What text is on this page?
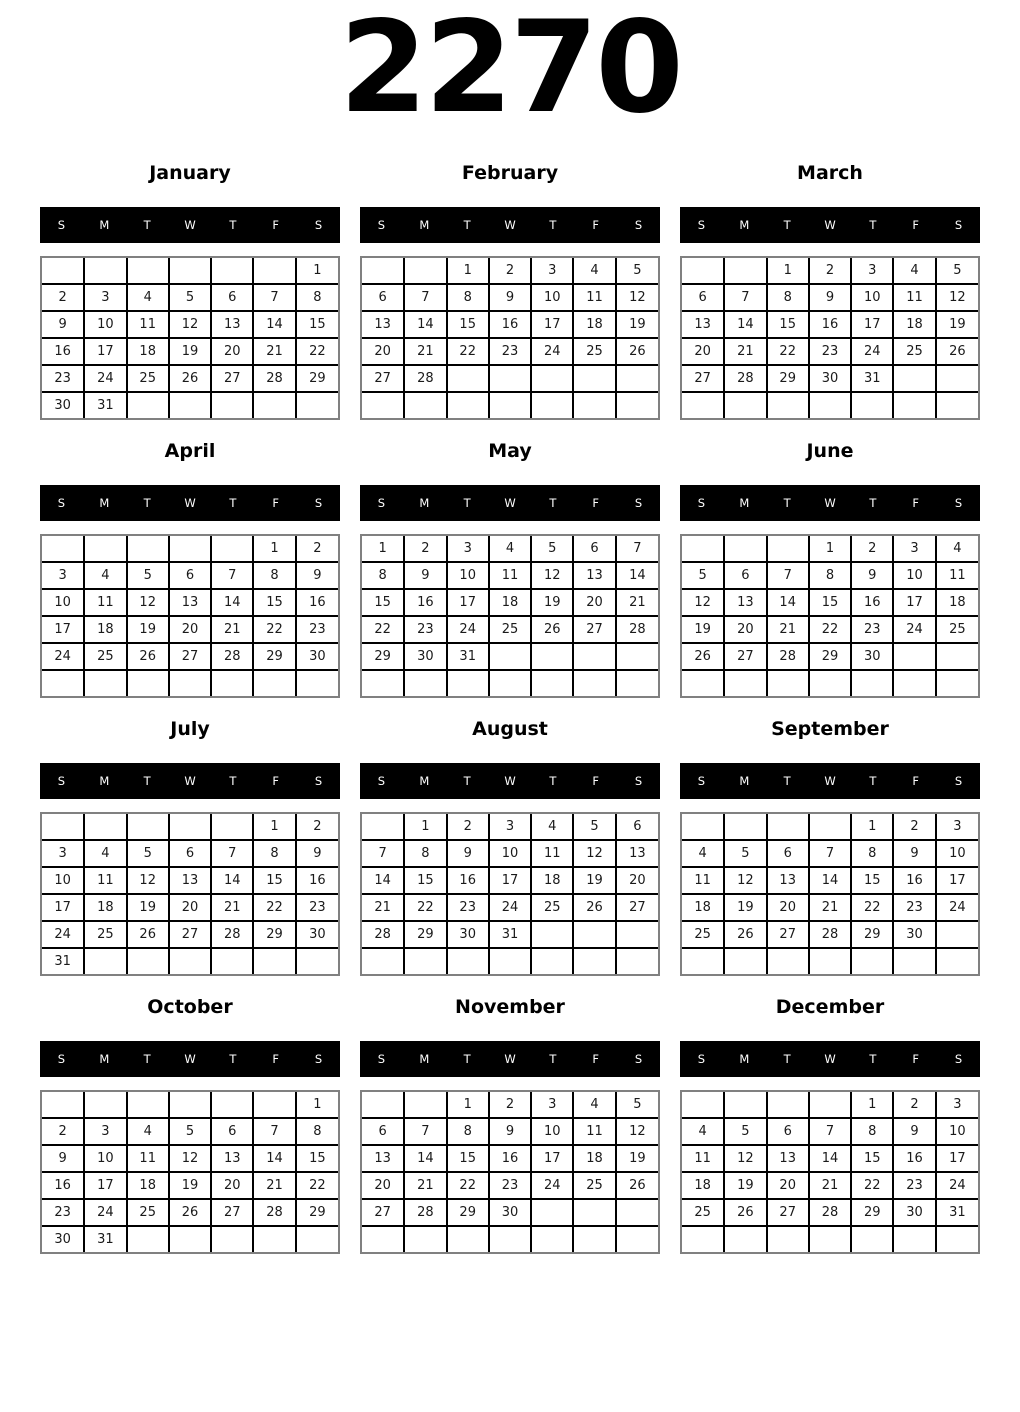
2270
January
S	M	T	W	T	F	S
						1
2	3	4	5	6	7	8
9	10	11	12	13	14	15
16	17	18	19	20	21	22
23	24	25	26	27	28	29
30	31					
February
S	M	T	W	T	F	S
		1	2	3	4	5
6	7	8	9	10	11	12
13	14	15	16	17	18	19
20	21	22	23	24	25	26
27	28					

March
S	M	T	W	T	F	S
		1	2	3	4	5
6	7	8	9	10	11	12
13	14	15	16	17	18	19
20	21	22	23	24	25	26
27	28	29	30	31		

April
S	M	T	W	T	F	S
					1	2
3	4	5	6	7	8	9
10	11	12	13	14	15	16
17	18	19	20	21	22	23
24	25	26	27	28	29	30

May
S	M	T	W	T	F	S
1	2	3	4	5	6	7
8	9	10	11	12	13	14
15	16	17	18	19	20	21
22	23	24	25	26	27	28
29	30	31				

June
S	M	T	W	T	F	S
			1	2	3	4
5	6	7	8	9	10	11
12	13	14	15	16	17	18
19	20	21	22	23	24	25
26	27	28	29	30		

July
S	M	T	W	T	F	S
					1	2
3	4	5	6	7	8	9
10	11	12	13	14	15	16
17	18	19	20	21	22	23
24	25	26	27	28	29	30
31						
August
S	M	T	W	T	F	S
	1	2	3	4	5	6
7	8	9	10	11	12	13
14	15	16	17	18	19	20
21	22	23	24	25	26	27
28	29	30	31			

September
S	M	T	W	T	F	S
				1	2	3
4	5	6	7	8	9	10
11	12	13	14	15	16	17
18	19	20	21	22	23	24
25	26	27	28	29	30	

October
S	M	T	W	T	F	S
						1
2	3	4	5	6	7	8
9	10	11	12	13	14	15
16	17	18	19	20	21	22
23	24	25	26	27	28	29
30	31					
November
S	M	T	W	T	F	S
		1	2	3	4	5
6	7	8	9	10	11	12
13	14	15	16	17	18	19
20	21	22	23	24	25	26
27	28	29	30			

December
S	M	T	W	T	F	S
				1	2	3
4	5	6	7	8	9	10
11	12	13	14	15	16	17
18	19	20	21	22	23	24
25	26	27	28	29	30	31
